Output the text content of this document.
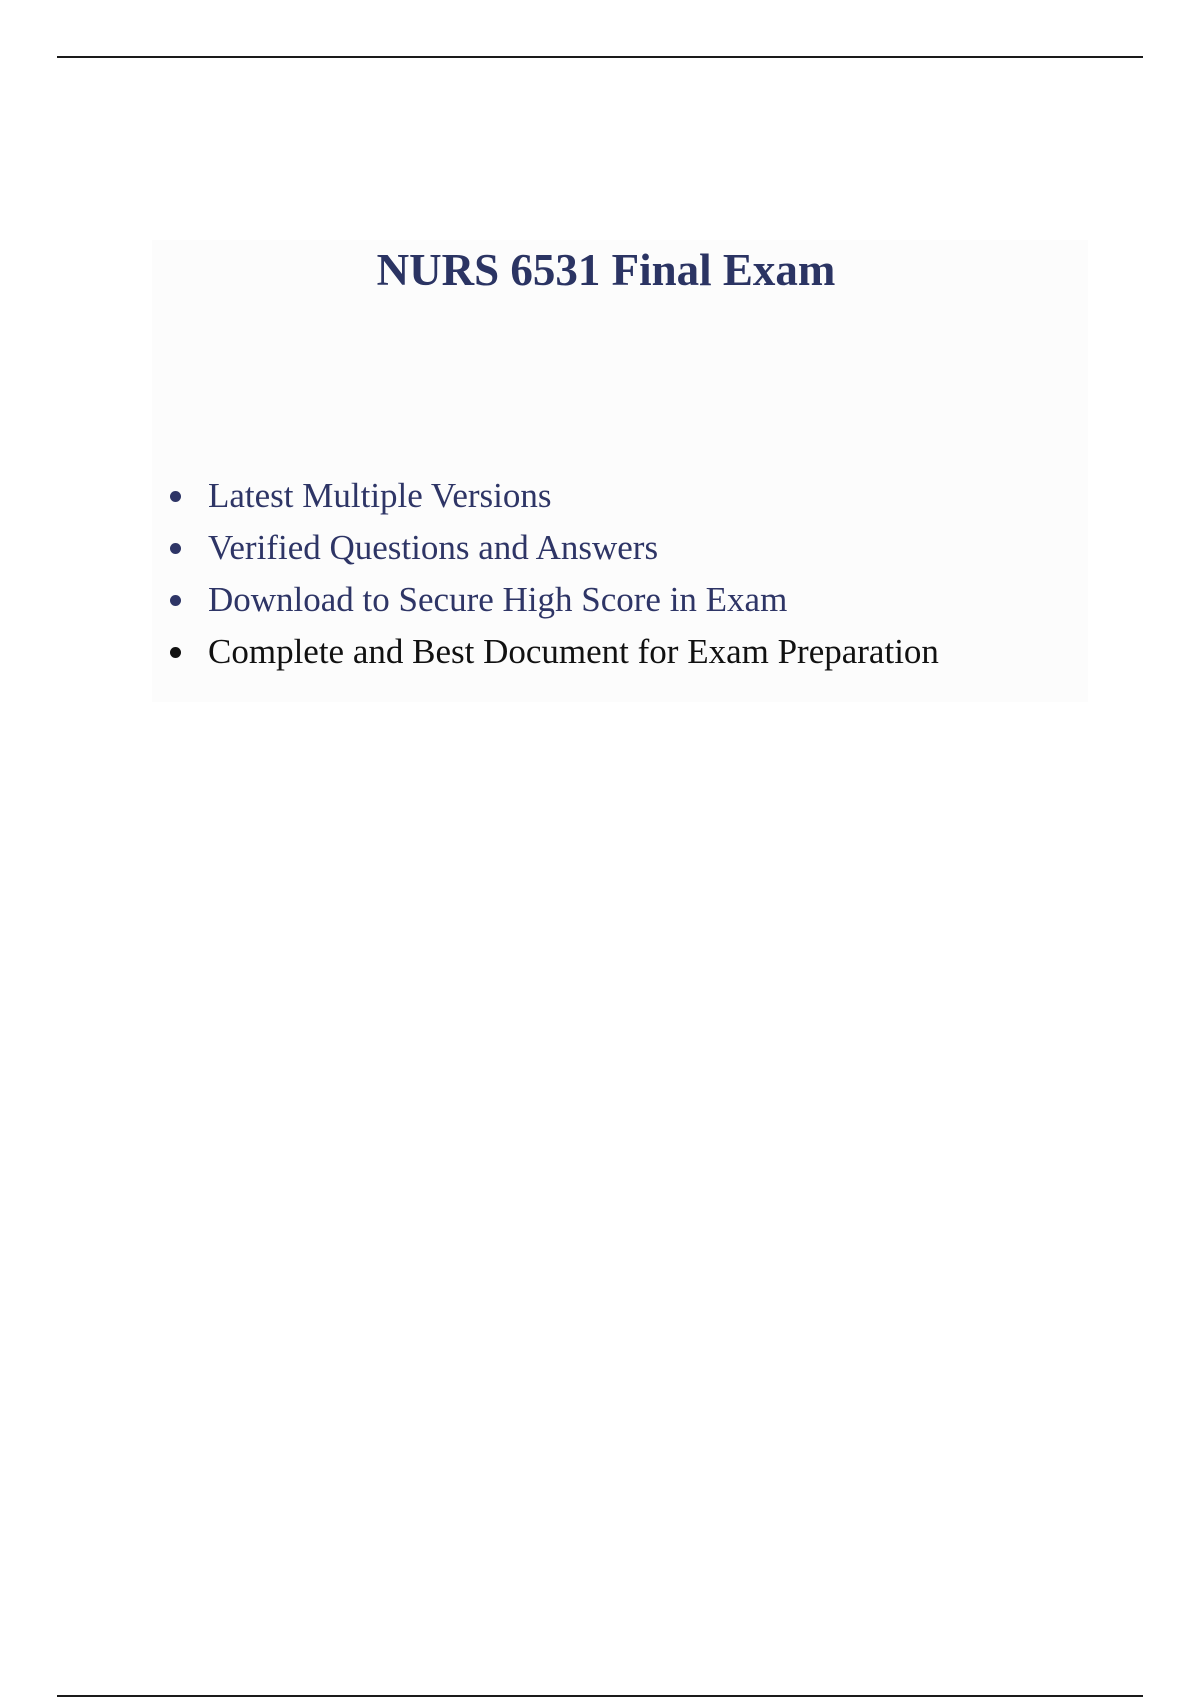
NURS 6531 Final Exam
Latest Multiple Versions
Verified Questions and Answers
Download to Secure High Score in Exam
Complete and Best Document for Exam Preparation
